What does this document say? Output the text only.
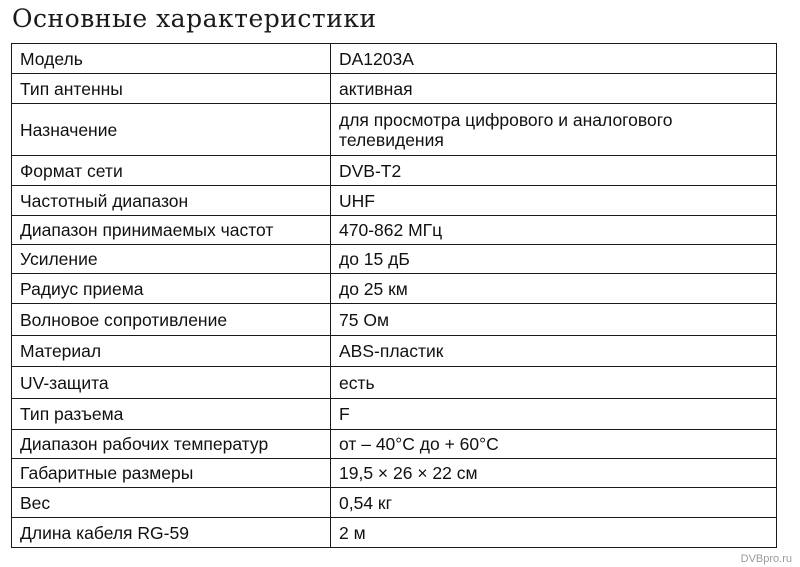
Основные характеристики
Модель	DA1203A
Тип антенны	активная
Назначение	для просмотра цифрового и аналогового телевидения
Формат сети	DVB-T2
Частотный диапазон	UHF
Диапазон принимаемых частот	470-862 МГц
Усиление	до 15 дБ
Радиус приема	до 25 км
Волновое сопротивление	75 Ом
Материал	ABS-пластик
UV-защита	есть
Тип разъема	F
Диапазон рабочих температур	от – 40°C до + 60°C
Габаритные размеры	19,5 × 26 × 22 см
Вес	0,54 кг
Длина кабеля RG-59	2 м
DVBpro.ru
